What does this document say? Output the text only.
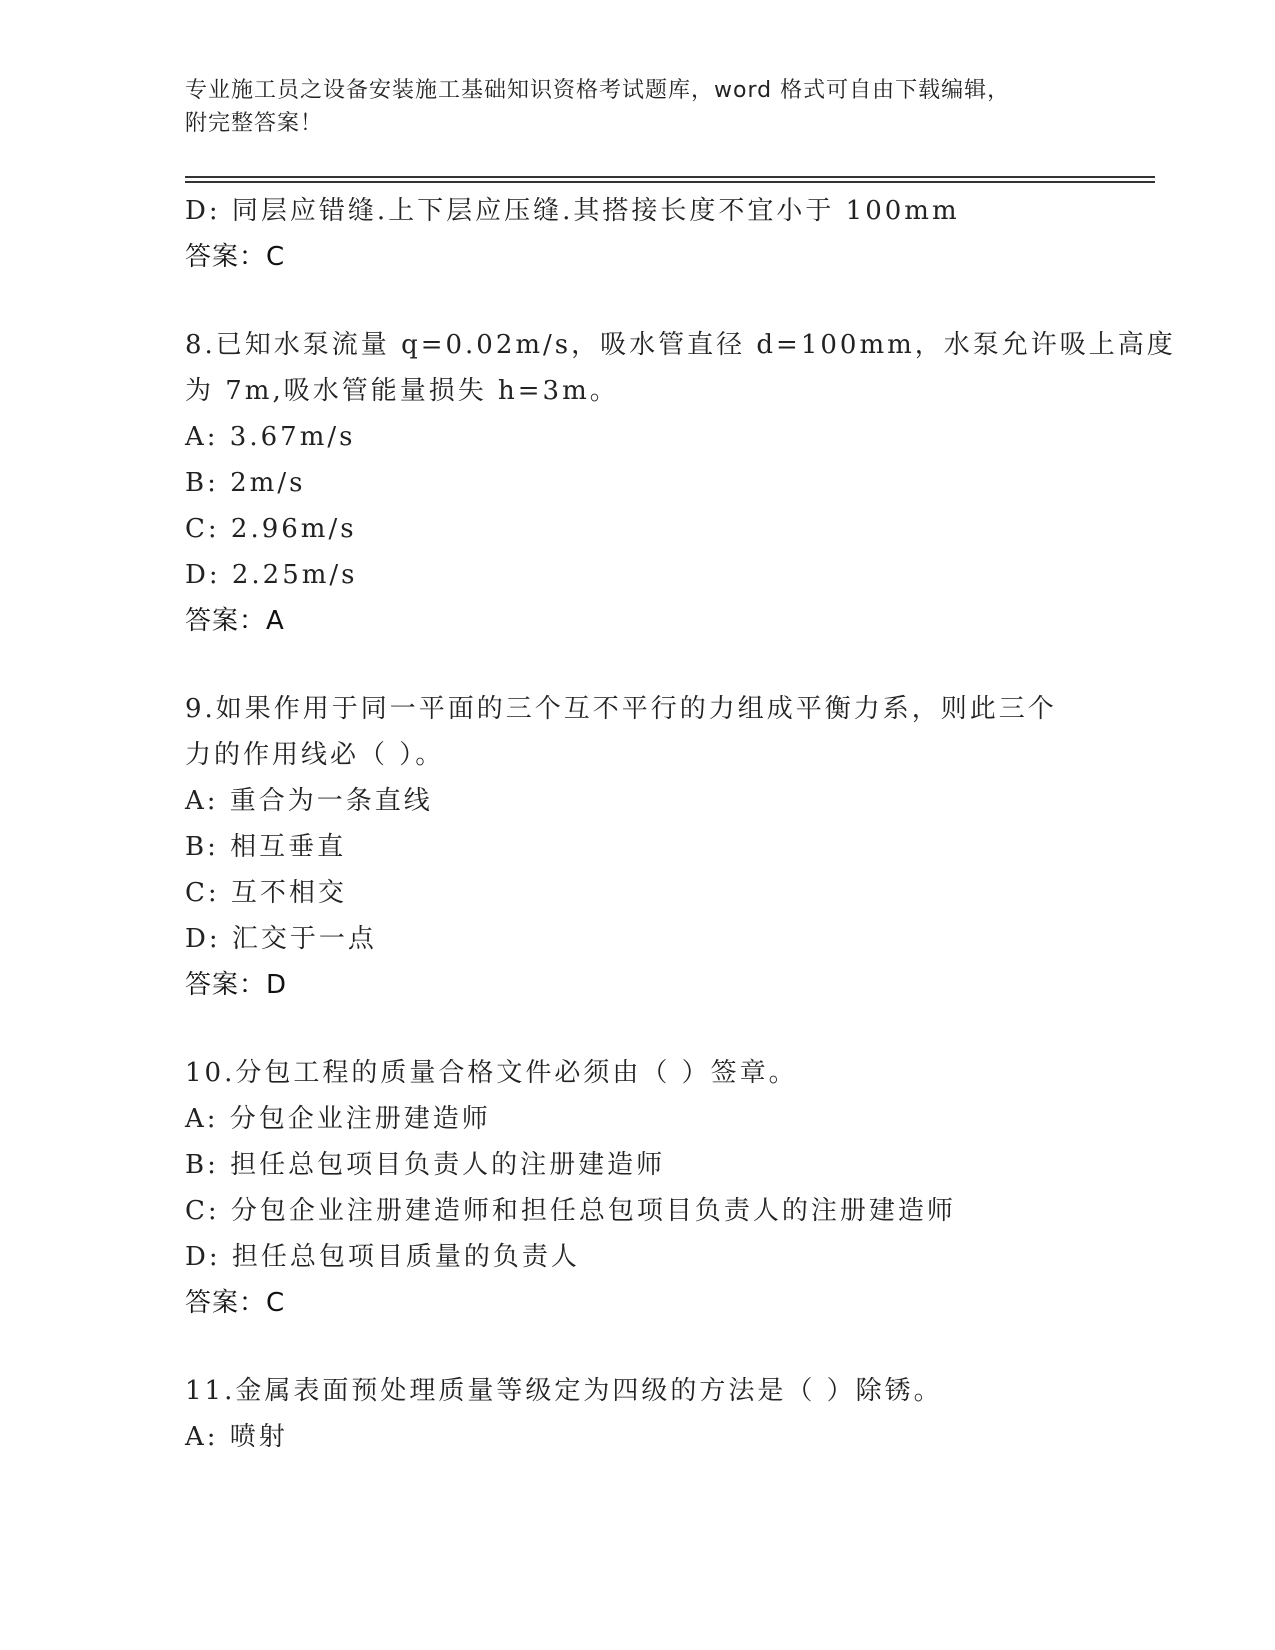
专业施工员之设备安装施工基础知识资格考试题库，word 格式可自由下载编辑，
附完整答案！
D: 同层应错缝.上下层应压缝.其搭接长度不宜小于 100mm
答案：C
8.已知水泵流量 q=0.02m/s，吸水管直径 d=100mm，水泵允许吸上高度
为 7m,吸水管能量损失 h=3m。
A: 3.67m/s
B: 2m/s
C: 2.96m/s
D: 2.25m/s
答案：A
9.如果作用于同一平面的三个互不平行的力组成平衡力系，则此三个
力的作用线必（ ）。
A: 重合为一条直线
B: 相互垂直
C: 互不相交
D: 汇交于一点
答案：D
10.分包工程的质量合格文件必须由（ ）签章。
A: 分包企业注册建造师
B: 担任总包项目负责人的注册建造师
C: 分包企业注册建造师和担任总包项目负责人的注册建造师
D: 担任总包项目质量的负责人
答案：C
11.金属表面预处理质量等级定为四级的方法是（ ）除锈。
A: 喷射
